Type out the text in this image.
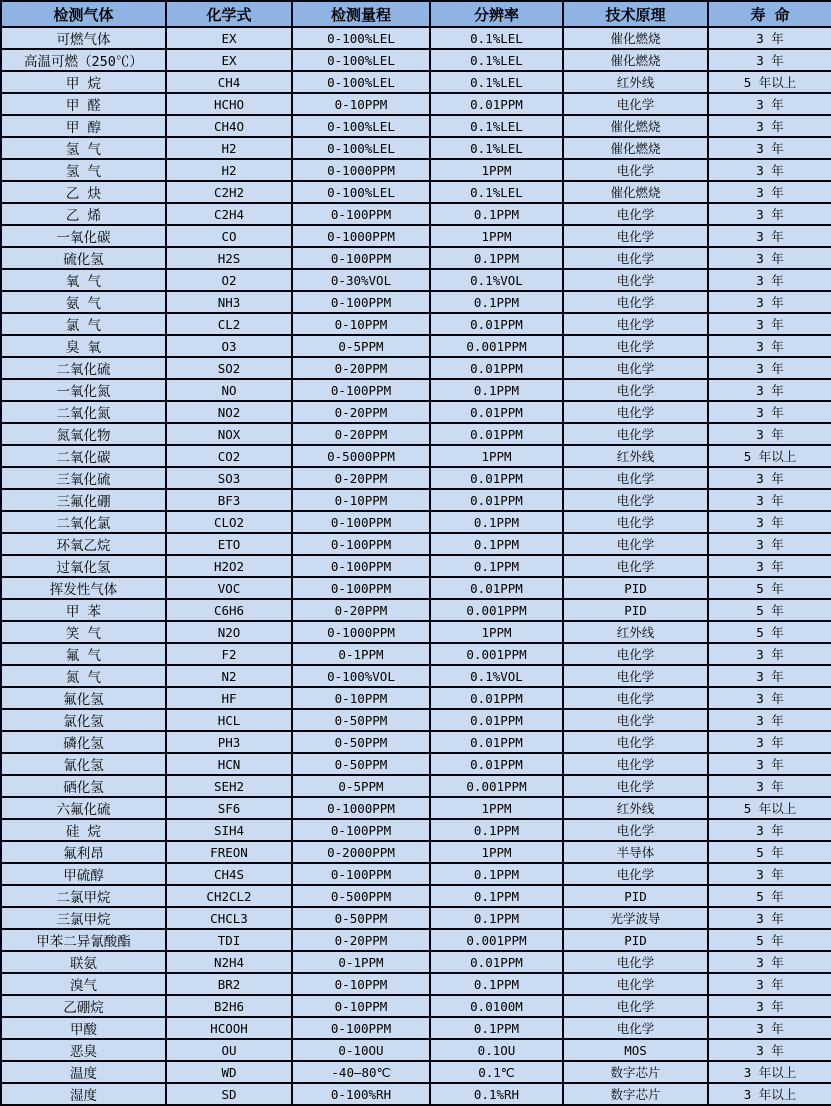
检测气体	化学式	检测量程	分辨率	技术原理	寿 命
可燃气体	EX	0-100%LEL	0.1%LEL	催化燃烧	3 年
高温可燃（250℃）	EX	0-100%LEL	0.1%LEL	催化燃烧	3 年
甲 烷	CH4	0-100%LEL	0.1%LEL	红外线	5 年以上
甲 醛	HCHO	0-10PPM	0.01PPM	电化学	3 年
甲 醇	CH4O	0-100%LEL	0.1%LEL	催化燃烧	3 年
氢 气	H2	0-100%LEL	0.1%LEL	催化燃烧	3 年
氢 气	H2	0-1000PPM	1PPM	电化学	3 年
乙 炔	C2H2	0-100%LEL	0.1%LEL	催化燃烧	3 年
乙 烯	C2H4	0-100PPM	0.1PPM	电化学	3 年
一氧化碳	CO	0-1000PPM	1PPM	电化学	3 年
硫化氢	H2S	0-100PPM	0.1PPM	电化学	3 年
氧 气	O2	0-30%VOL	0.1%VOL	电化学	3 年
氨 气	NH3	0-100PPM	0.1PPM	电化学	3 年
氯 气	CL2	0-10PPM	0.01PPM	电化学	3 年
臭 氧	O3	0-5PPM	0.001PPM	电化学	3 年
二氧化硫	SO2	0-20PPM	0.01PPM	电化学	3 年
一氧化氮	NO	0-100PPM	0.1PPM	电化学	3 年
二氧化氮	NO2	0-20PPM	0.01PPM	电化学	3 年
氮氧化物	NOX	0-20PPM	0.01PPM	电化学	3 年
二氧化碳	CO2	0-5000PPM	1PPM	红外线	5 年以上
三氧化硫	SO3	0-20PPM	0.01PPM	电化学	3 年
三氟化硼	BF3	0-10PPM	0.01PPM	电化学	3 年
二氧化氯	CLO2	0-100PPM	0.1PPM	电化学	3 年
环氧乙烷	ETO	0-100PPM	0.1PPM	电化学	3 年
过氧化氢	H2O2	0-100PPM	0.1PPM	电化学	3 年
挥发性气体	VOC	0-100PPM	0.01PPM	PID	5 年
甲 苯	C6H6	0-20PPM	0.001PPM	PID	5 年
笑 气	N2O	0-1000PPM	1PPM	红外线	5 年
氟 气	F2	0-1PPM	0.001PPM	电化学	3 年
氮 气	N2	0-100%VOL	0.1%VOL	电化学	3 年
氟化氢	HF	0-10PPM	0.01PPM	电化学	3 年
氯化氢	HCL	0-50PPM	0.01PPM	电化学	3 年
磷化氢	PH3	0-50PPM	0.01PPM	电化学	3 年
氰化氢	HCN	0-50PPM	0.01PPM	电化学	3 年
硒化氢	SEH2	0-5PPM	0.001PPM	电化学	3 年
六氟化硫	SF6	0-1000PPM	1PPM	红外线	5 年以上
硅 烷	SIH4	0-100PPM	0.1PPM	电化学	3 年
氟利昂	FREON	0-2000PPM	1PPM	半导体	5 年
甲硫醇	CH4S	0-100PPM	0.1PPM	电化学	3 年
二氯甲烷	CH2CL2	0-500PPM	0.1PPM	PID	5 年
三氯甲烷	CHCL3	0-50PPM	0.1PPM	光学波导	3 年
甲苯二异氰酸酯	TDI	0-20PPM	0.001PPM	PID	5 年
联氨	N2H4	0-1PPM	0.01PPM	电化学	3 年
溴气	BR2	0-10PPM	0.1PPM	电化学	3 年
乙硼烷	B2H6	0-10PPM	0.0100M	电化学	3 年
甲酸	HCOOH	0-100PPM	0.1PPM	电化学	3 年
恶臭	OU	0-10OU	0.1OU	MOS	3 年
温度	WD	-40—80℃	0.1℃	数字芯片	3 年以上
湿度	SD	0-100%RH	0.1%RH	数字芯片	3 年以上
